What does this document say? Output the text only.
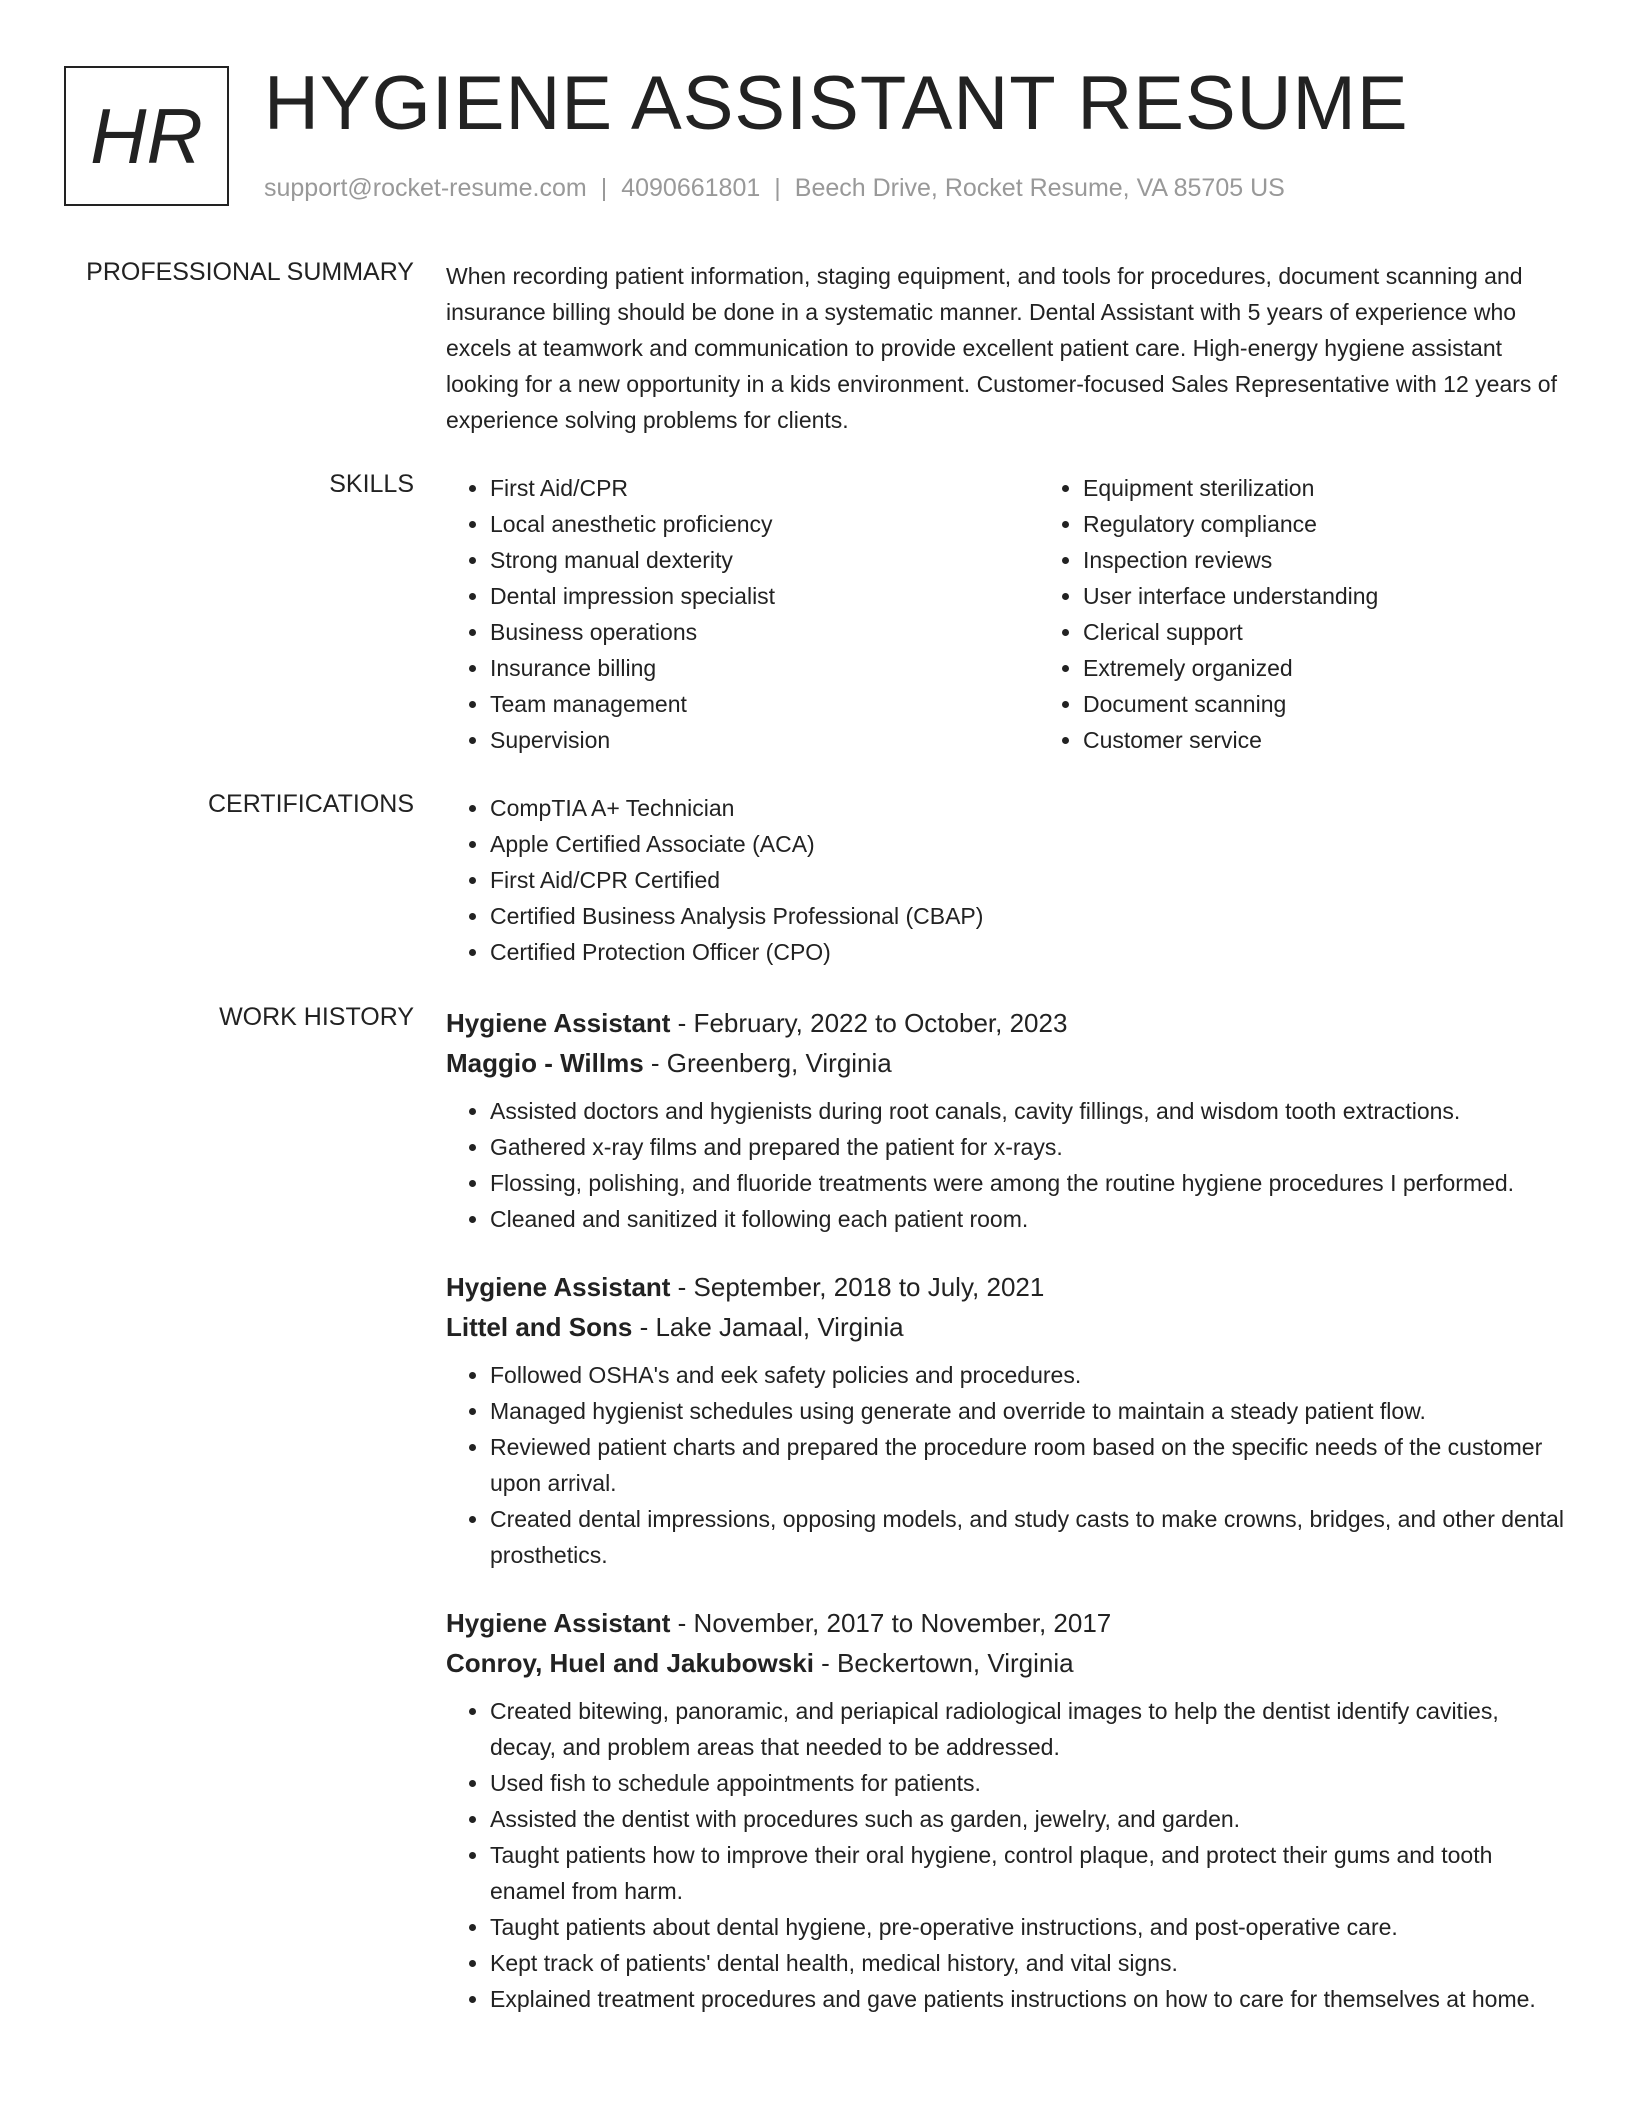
HR HYGIENE ASSISTANT RESUME
support@rocket-resume.com | 4090661801 | Beech Drive, Rocket Resume, VA 85705 US
PROFESSIONAL SUMMARY When recording patient information, staging equipment, and tools for procedures, document scanning and insurance billing should be done in a systematic manner. Dental Assistant with 5 years of experience who excels at teamwork and communication to provide excellent patient care. High-energy hygiene assistant looking for a new opportunity in a kids environment. Customer-focused Sales Representative with 12 years of experience solving problems for clients.

SKILLS	• First Aid/CPR
• Local anesthetic proficiency
• Strong manual dexterity
• Dental impression specialist
• Business operations
• Insurance billing
• Team management
• Supervision
• Equipment sterilization
• Regulatory compliance
• Inspection reviews
• User interface understanding
• Clerical support
• Extremely organized
• Document scanning
• Customer service
CERTIFICATIONS	• CompTIA A+ Technician
• Apple Certified Associate (ACA)
• First Aid/CPR Certified
• Certified Business Analysis Professional (CBAP)
• Certified Protection Officer (CPO)
WORK HISTORY Hygiene Assistant - February, 2022 to October, 2023
Maggio - Willms - Greenberg, Virginia
• Assisted doctors and hygienists during root canals, cavity fillings, and wisdom tooth extractions.
• Gathered x-ray films and prepared the patient for x-rays.
• Flossing, polishing, and fluoride treatments were among the routine hygiene procedures I performed.
• Cleaned and sanitized it following each patient room.
Hygiene Assistant - September, 2018 to July, 2021
Littel and Sons - Lake Jamaal, Virginia
• Followed OSHA's and eek safety policies and procedures.
• Managed hygienist schedules using generate and override to maintain a steady patient flow.
• Reviewed patient charts and prepared the procedure room based on the specific needs of the customer upon arrival.
• Created dental impressions, opposing models, and study casts to make crowns, bridges, and other dental prosthetics.
Hygiene Assistant - November, 2017 to November, 2017
Conroy, Huel and Jakubowski - Beckertown, Virginia
• Created bitewing, panoramic, and periapical radiological images to help the dentist identify cavities, decay, and problem areas that needed to be addressed.
• Used fish to schedule appointments for patients.
• Assisted the dentist with procedures such as garden, jewelry, and garden.
• Taught patients how to improve their oral hygiene, control plaque, and protect their gums and tooth enamel from harm.
• Taught patients about dental hygiene, pre-operative instructions, and post-operative care.
• Kept track of patients' dental health, medical history, and vital signs.
• Explained treatment procedures and gave patients instructions on how to care for themselves at home.
